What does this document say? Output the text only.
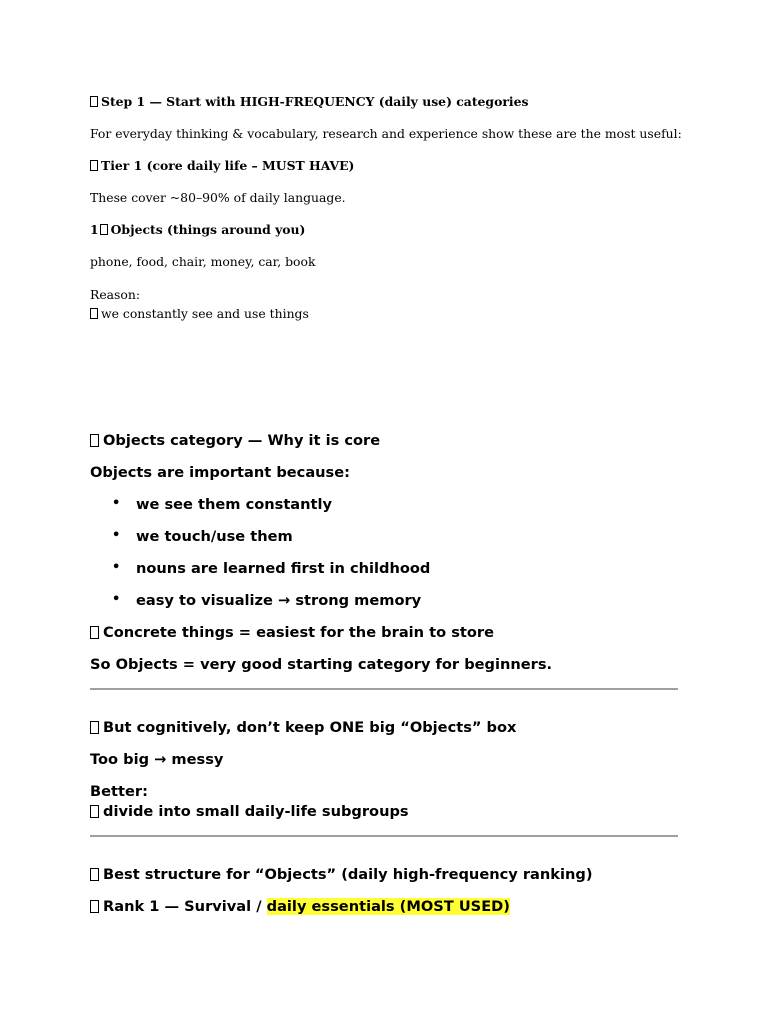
Step 1 — Start with HIGH-FREQUENCY (daily use) categories
For everyday thinking & vocabulary, research and experience show these are the most useful:
Tier 1 (core daily life – MUST HAVE)
These cover ~80–90% of daily language.
1 Objects (things around you)
phone, food, chair, money, car, book
Reason:
we constantly see and use things
Objects category — Why it is core
Objects are important because:
• we see them constantly
• we touch/use them
• nouns are learned first in childhood
• easy to visualize → strong memory
Concrete things = easiest for the brain to store
So Objects = very good starting category for beginners.
But cognitively, don’t keep ONE big “Objects” box
Too big → messy
Better:
divide into small daily-life subgroups
Best structure for “Objects” (daily high-frequency ranking)
Rank 1 — Survival / daily essentials (MOST USED)
